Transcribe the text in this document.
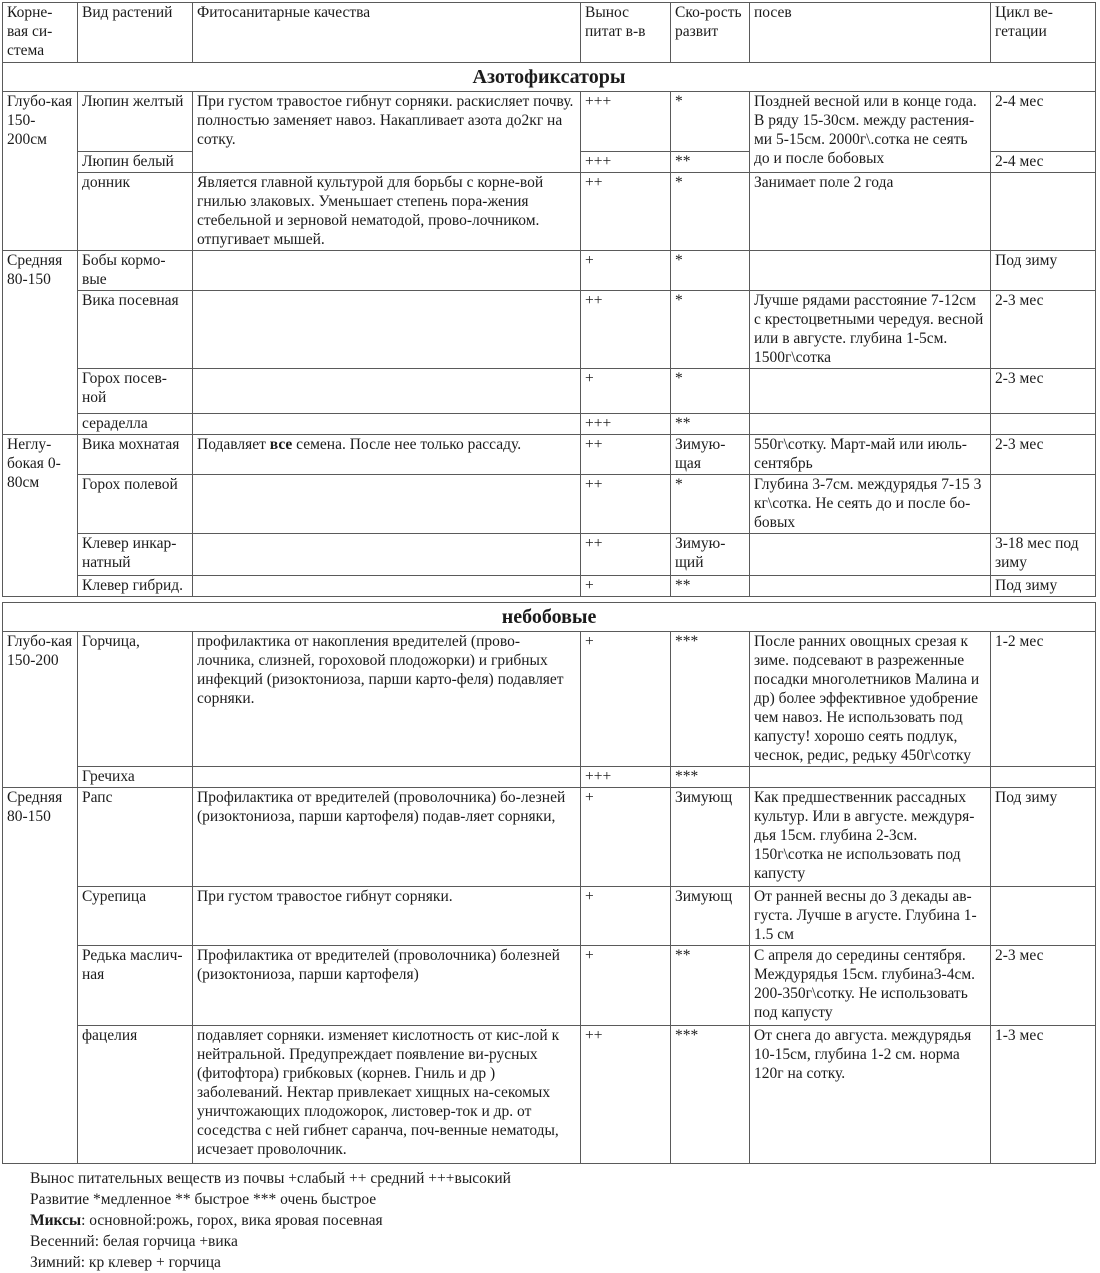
Корне-вая си-стема	Вид растений	Фитосанитарные качества	Вынос питат в-в	Ско-рость развит	посев	Цикл ве-гетации
Азотофиксаторы						
Глубо-кая 150-200см	Люпин желтый	При густом травостое гибнут сорняки. раскисляет почву. полностью заменяет навоз. Накапливает азота до2кг на сотку.	+++	*	Поздней весной или в конце года. В ряду 15-30см. между растения-ми 5-15см. 2000г\.сотка не сеять до и после бобовых	2-4 мес
	Люпин белый		+++	**		2-4 мес
	донник	Является главной культурой для борьбы с корне-вой гнилью злаковых. Уменьшает степень пора-жения стебельной и зерновой нематодой, прово-лочником. отпугивает мышей.	++	*	Занимает поле 2 года	
Средняя 80-150	Бобы кормо-вые		+	*		Под зиму
	Вика посевная		++	*	Лучше рядами расстояние 7-12см с крестоцветными чередуя. весной или в августе. глубина 1-5см. 1500г\сотка	2-3 мес
	Горох посев-ной		+	*		2-3 мес
	сераделла		+++	**		
Неглу-бокая 0-80см	Вика мохнатая	Подавляет все семена. После нее только рассаду.	++	Зимую-щая	550г\сотку. Март-май или июль-сентябрь	2-3 мес
	Горох полевой		++	*	Глубина 3-7см. междурядья 7-15 3 кг\сотка. Не сеять до и после бо-бовых	
	Клевер инкар-натный		++	Зимую-щий		3-18 мес под зиму
	Клевер гибрид.		+	**		Под зиму
небобовые						
Глубо-кая 150-200	Горчица,	профилактика от накопления вредителей (прово-лочника, слизней, гороховой плодожорки) и грибных инфекций (ризоктониоза, парши карто-феля) подавляет сорняки.	+	***	После ранних овощных срезая к зиме. подсевают в разреженные посадки многолетников Малина и др) более эффективное удобрение чем навоз. Не использовать под капусту! хорошо сеять подлук, чеснок, редис, редьку 450г\сотку	1-2 мес
	Гречиха		+++	***		
Средняя 80-150	Рапс	Профилактика от вредителей (проволочника) бо-лезней (ризоктониоза, парши картофеля) подав-ляет сорняки,	+	Зимующ	Как предшественник рассадных культур. Или в августе. междуря-дья 15см. глубина 2-3см. 150г\сотка не использовать под капусту	Под зиму
	Сурепица	При густом травостое гибнут сорняки.	+	Зимующ	От ранней весны до 3 декады ав-густа. Лучше в агусте. Глубина 1-1.5 см	
	Редька маслич-ная	Профилактика от вредителей (проволочника) болезней (ризоктониоза, парши картофеля)	+	**	С апреля до середины сентября. Междурядья 15см. глубина3-4см. 200-350г\сотку. Не использовать под капусту	2-3 мес
	фацелия	подавляет сорняки. изменяет кислотность от кис-лой к нейтральной. Предупреждает появление ви-русных (фитофтора) грибковых (корнев. Гниль и др ) заболеваний. Нектар привлекает хищных на-секомых уничтожающих плодожорок, листовер-ток и др. от соседства с ней гибнет саранча, поч-венные нематоды, исчезает проволочник.	++	***	От снега до августа. междурядья 10-15см, глубина 1-2 см. норма 120г на сотку.	1-3 мес
Вынос питательных веществ из почвы +слабый ++ средний +++высокий
Развитие *медленное ** быстрое *** очень быстрое
Миксы: основной:рожь, горох, вика яровая посевная
Весенний: белая горчица +вика
Зимний: кр клевер + горчица
